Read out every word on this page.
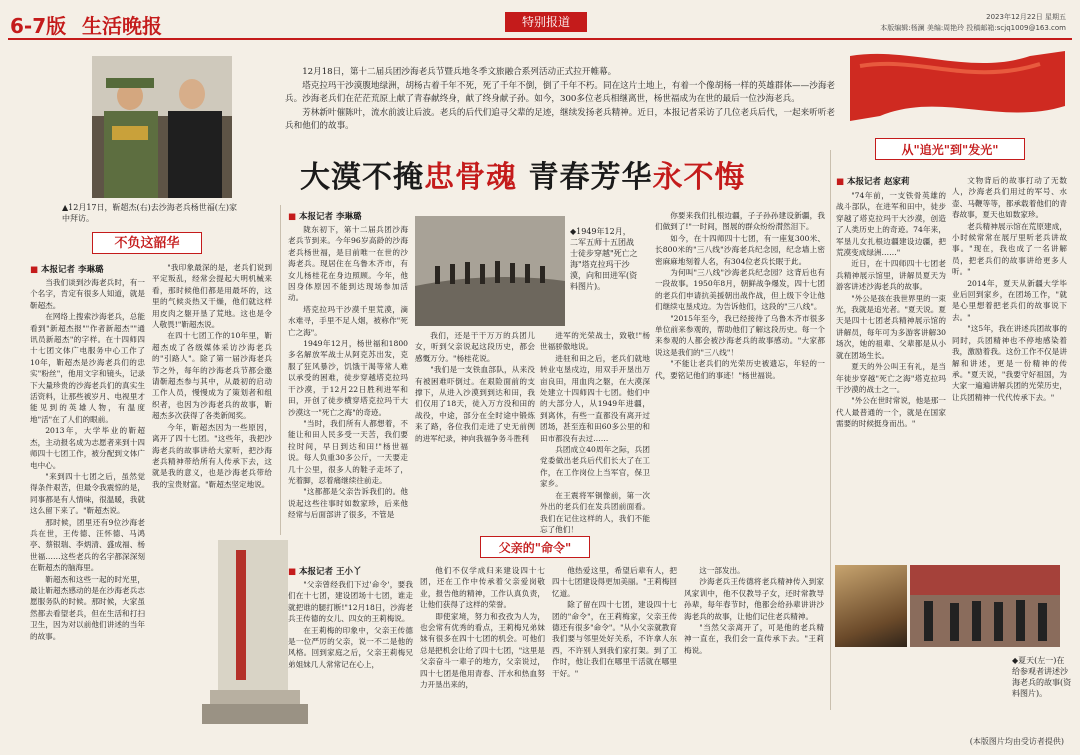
6-7版 生活晚报	特别报道	2023年12月22日 星期五
本版编辑:杨澜 美编:周艳玲 投稿邮箱:scjq1009@163.com
▲12月17日，靳超杰(右)去沙海老兵杨世福(左)家中拜访。

12月18日，第十二届兵团沙海老兵节暨兵地冬季文旅融合系列活动正式拉开帷幕。

塔克拉玛干沙漠腹地绿洲，胡杨古着千年不死，死了千年不倒，倒了千年不朽。同在这片土地上，有着一个像胡杨一样的英雄群体——沙海老兵。沙海老兵们在茫茫荒原上献了青春献终身，献了终身献子孙。如今，300多位老兵相继离世，杨世福成为在世的最后一位沙海老兵。

芳林新叶催陈叶，流水前波让后波。老兵的后代们追寻父辈的足迹，继续发扬老兵精神。近日，本报记者采访了几位老兵后代，一起来听听老兵和他们的故事。

大漠不掩忠骨魂 青春芳华永不悔
不负这韶华
■ 本报记者 李琳璐

当我们谈到沙海老兵时，有一个名字，肯定有很多人知道，就是靳超杰。

在网络上搜索沙海老兵，总能看到"新超杰报""作者新超杰""通讯员新超杰"的字样。在十四师四十七团文体广电服务中心工作了10年，靳超杰是沙海老兵们的忠实"粉丝"，他用文字和镜头，记录下大量珍贵的沙海老兵们的真实生活资料，让那些被岁月、电视里才能见到的英雄人物，有温度地"活"在了人们的眼前。

2013年，大学毕业的靳超杰，主动报名成为志愿者来到十四师四十七团工作，被分配到文体广电中心。

"来到四十七团之后，虽然觉得条件艰苦，但最令我震惊的是，同事都是有人情味，很温暖，我就这么留下来了。"靳超杰说。

那时候，团里还有9位沙海老兵在世，王传德、汪怀德、马鸿亭、蔡银瑞、李炳清、盛成福、杨世福……这些老兵的名字都深深刻在靳超杰的脑海里。

靳超杰和这些一起的时光里，最让靳超杰感动的是在沙海老兵志愿服务队的时候。那时候，大家虽然都去看望老兵，但在生活和打扫卫生，因为对以前他们讲述的当年的故事。

"我印象最深的是，老兵们说到平定叛乱，经常会提起大明机械来看，那时候他们都是用最坏的，这里的气候炎热又干燥，他们就这样用皮肉之躯开垦了荒地。这也是令人敬畏!"靳超杰说。

在四十七团工作的10年里，靳超杰成了各级媒体采访沙海老兵的"引路人"。除了第一届沙海老兵节之外，每年的沙海老兵节都会邀请靳超杰参与其中，从最初的启动工作人员，慢慢成为了策划者和组织者，也因为沙海老兵的故事，靳超杰多次获得了各类新闻奖。

今年，靳超杰因为一些原因，离开了四十七团。"这些年，我把沙海老兵的故事讲给大家听，把沙海老兵精神带给所有人传承下去，这就是我的意义，也是沙海老兵带给我的宝贵财富。"靳超杰坚定地说。

■ 本报记者 李琳璐

陇东初下，第十二届兵团沙海老兵节到来。今年96岁高龄的沙海老兵杨世福，是目前唯一在世的沙海老兵。现居住在乌鲁木齐市，有女儿杨桂花在身边照顾。今年，他因身体原因不能到达现场参加活动。

塔克拉玛干沙漠千里荒漠，滴水难寻，手里不足人烟，被称作"死亡之海"。

1949年12月，杨世福和1800多名解放军战士从阿克苏出发，克服了狂风暴沙，饥饿干渴等常人难以承受的困难，徒步穿越塔克拉玛干沙漠，于12月22日胜利进军和田，开创了徒步横穿塔克拉玛干大沙漠这一"死亡之海"的奇迹。

"当时，我们所有人都想着，不能让和田人民多受一天苦，我们要拉时间，早日到达和田!"杨世福说。每人负重30多公斤，一天要走几十公里，很多人的鞋子走坏了，光着脚，忍着痛继续往前走。

"这都都是父亲告诉我们的。他说起这些往事时如数家珍，后来他经常与后面部讲了很多，不管是

◆1949年12月，二军五师十五团战士徒步穿越"死亡之海"塔克拉玛干沙漠，向和田进军(资料图片)。

我们，还是干干万万的兵团儿女，听到父亲说起这段历史，都会感慨万分。"杨桂花说。

"我们是一支铁血部队，从来没有被困难吓倒过。在艰险面前的支撑下，从进入沙漠到到达和田，我们仅用了18天，徒入万方没和田的战役，中途，部分在全时途中锻炼来了路，各位我们走进了史无前例的进军纪录，神向我福争务斗胜利

进军的光荣战士，致敬!"杨世福骄傲地说。

进驻和田之后，老兵们就地转业屯垦戍边，用双手开垦出万亩良田，用血肉之躯，在大漠深处建立十四师四十七团。他们中的大部分人，从1949年进疆，到离休，有些一直都没有离开过团场，甚至连和田60多公里的和田市都没有去过……

兵团成立40周年之际，兵团党委做出老兵后代们长大了在工作，在工作岗位上当军官，保卫家乡。

在王震将军铜像前，第一次外出的老兵们在发兵团前面看。我们在记住这样的人，我们不能忘了他们！

你要来我们扎根边疆，子子孙孙建设新疆，我们做到了!"一时间，图展的群众纷纷潸然泪下。

如今，在十四师四十七团，有一座复300米、长800米的"三八线"沙海老兵纪念园，纪念墙上密密麻麻地刻着人名，有304位老兵长眠于此。

为何叫"三八线"沙海老兵纪念园？这背后也有一段故事。1950年8月，朝鲜战争爆发，四十七团的老兵们申请抗美援朝出战作战，但上级下令让他们继续屯垦戍边。为告诉他们，这段的"三八线"。

"2015年至今，我已经接待了乌鲁木齐市很多单位前来参观的，帮助他们了解这段历史。每一个来参观的人都会被沙海老兵的故事感动。"大家都说这是我们的"三八线"！

"不能让老兵们的光荣历史被遗忘，年轻的一代，要铭记他们的事迹！"杨世福说。

父亲的"命令"
■ 本报记者 王小丫

"父亲曾经我们下过'命令'，要我们在十七团，建设团场十七团，谁走就把谁的腿打断!"12月18日，沙海老兵王传德的女儿、四女的王莉梅说。

在王莉梅的印象中，父亲王传德是一位严厉的父亲，说一不二是他的风格。回到家庭之后，父亲王莉梅兄弟姐妹几人常常记在心上，

他们不仅学成归来建设四十七团，还在工作中传承着父亲爱岗敬业，报告他的精神，工作认真负责，让他们获得了这样的荣誉。

即使家境，努力和孜孜为人为，也会常有优秀的看点，王莉梅兄弟妹妹有很多在四十七团的机会。可他们总是把机会让给了四十七团，"这里是父亲奋斗一辈子的地方，父亲说过，四十七团是他用青春、汗水和热血努力开垦出来的，

他热爱这里，希望后辈有人，把四十七团建设得更加美丽。"王莉梅回忆道。

除了留在四十七团，建设四十七团的"命令"，在王莉梅家，父亲王传德还有很多"命令"。"从小父亲就教育我们要与邻里处好关系，不许拿人东西，不许别人到我们家打架。到了工作时，他让我们在哪里干活就在哪里干好。"

这一部发出。

沙海老兵王传德将老兵精神传入到家风家训中，他不仅教导子女，还时常教导孙辈，每年春节时，他都会给孙辈讲讲沙海老兵的故事，让他们记住老兵精神。

"当然父亲离开了，可是他的老兵精神一直在，我们会一直传承下去。"王莉梅说。

从"追光"到"发光"
■ 本报记者 赵家莉

"74年前，一支铁骨英雄的战斗部队，在进军和田中，徒步穿越了塔克拉玛干大沙漠，创造了人类历史上的奇迹。74年来，军垦儿女扎根边疆建设边疆，把荒漠变成绿洲……"

近日，在十四师四十七团老兵精神展示馆里，讲解员夏天为游客讲述沙海老兵的故事。

"外公是孩在我世界里的一束光，我就是追光者。"夏天说。夏天是四十七团老兵精神展示馆的讲解员，每年可为多游客讲解30场次，她的祖辈、父辈都是从小就在团场生长。

夏天的外公叫王有礼，是当年徒步穿越"死亡之海"塔克拉玛干沙漠的战士之一。

"外公在世时常说，他是那一代人最普通的一个，就是在国家需要的时候挺身而出。"

文物背后的故事打动了无数人，沙海老兵们用过的军号、水壶、马鞭等等，都承载着他们的青春故事，夏天也如数家珍。

老兵精神展示馆在荒原建成，小时候常常在展厅里听老兵讲故事。"现在，我也成了一名讲解员，把老兵们的故事讲给更多人听。"

2014年，夏天从新疆大学毕业后回到家乡，在团场工作，"就是心里想着把老兵们的故事说下去。"

"这5年，我在讲述兵团故事的同时，兵团精神也不停地感染着我，激励着我。这份工作不仅是讲解和讲述，更是一份精神的传承。"夏天说，"我要守好祖国，为大家一遍遍讲解兵团的光荣历史，让兵团精神一代代传承下去。"

◆夏天(左一)在给参观者讲述沙海老兵的故事(资料图片)。
(本版图片均由受访者提供)
